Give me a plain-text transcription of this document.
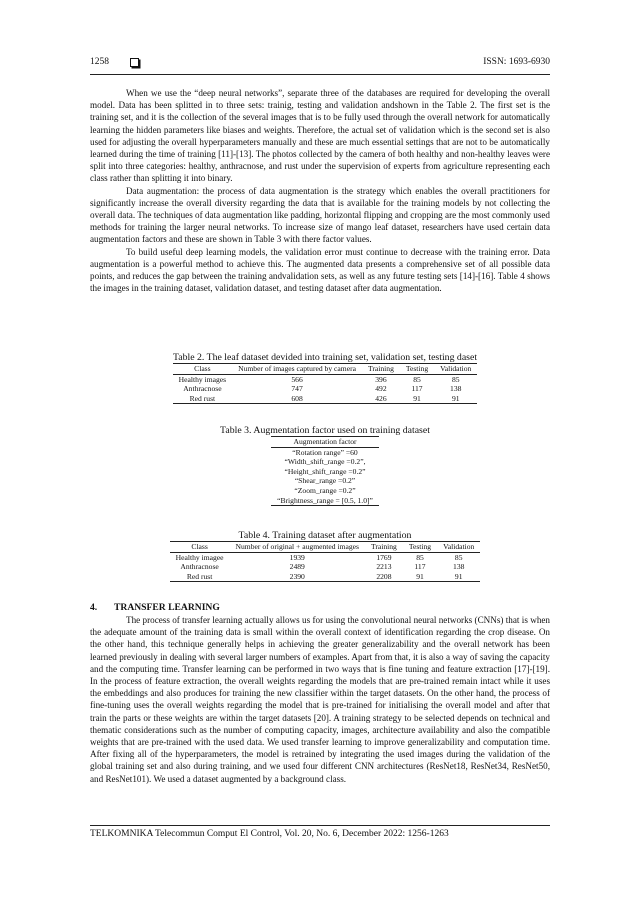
1258	ISSN: 1693-6930

When we use the “deep neural networks”, separate three of the databases are required for developing the overall model. Data has been splitted in to three sets: trainig, testing and validation andshown in the Table 2. The first set is the training set, and it is the collection of the several images that is to be fully used through the overall network for automatically learning the hidden parameters like biases and weights. Therefore, the actual set of validation which is the second set is also used for adjusting the overall hyperparameters manually and these are much essential settings that are not to be automatically learned during the time of training [11]-[13]. The photos collected by the camera of both healthy and non-healthy leaves were split into three categories: healthy, anthracnose, and rust under the supervision of experts from agriculture representing each class rather than splitting it into binary.

Data augmentation: the process of data augmentation is the strategy which enables the overall practitioners for significantly increase the overall diversity regarding the data that is available for the training models by not collecting the overall data. The techniques of data augmentation like padding, horizontal flipping and cropping are the most commonly used methods for training the larger neural networks. To increase size of mango leaf dataset, researchers have used certain data augmentation factors and these are shown in Table 3 with there factor values.

To build useful deep learning models, the validation error must continue to decrease with the training error. Data augmentation is a powerful method to achieve this. The augmented data presents a comprehensive set of all possible data points, and reduces the gap between the training andvalidation sets, as well as any future testing sets [14]-[16]. Table 4 shows the images in the training dataset, validation dataset, and testing dataset after data augmentation.

Table 2. The leaf dataset devided into training set, validation set, testing daset
Class	Number of images captured by camera	Training	Testing	Validation
Healthy images	566	396	85	85
Anthracnose	747	492	117	138
Red rust	608	426	91	91
Table 3. Augmentation factor used on training dataset
Augmentation factor
“Rotation range” =60
“Width_shift_range =0.2”,
“Height_shift_range =0.2”
“Shear_range =0.2”
“Zoom_range =0.2”
“Brightness_range = [0.5, 1.0]”
Table 4. Training dataset after augmentation
Class	Number of original + augmented images	Training	Testing	Validation
Healthy imagee	1939	1769	85	85
Anthracnose	2489	2213	117	138
Red rust	2390	2208	91	91
4. TRANSFER LEARNING

The process of transfer learning actually allows us for using the convolutional neural networks (CNNs) that is when the adequate amount of the training data is small within the overall context of identification regarding the crop disease. On the other hand, this technique generally helps in achieving the greater generalizability and the overall network has been learned previously in dealing with several larger numbers of examples. Apart from that, it is also a way of saving the capacity and the computing time. Transfer learning can be performed in two ways that is fine tuning and feature extraction [17]-[19]. In the process of feature extraction, the overall weights regarding the models that are pre-trained remain intact while it uses the embeddings and also produces for training the new classifier within the target datasets. On the other hand, the process of fine-tuning uses the overall weights regarding the model that is pre-trained for initialising the overall model and after that train the parts or these weights are within the target datasets [20]. A training strategy to be selected depends on technical and thematic considerations such as the number of computing capacity, images, architecture availability and also the compatible weights that are pre-trained with the used data. We used transfer learning to improve generalizability and computation time. After fixing all of the hyperparameters, the model is retrained by integrating the used images during the validation of the global training set and also during training, and we used four different CNN architectures (ResNet18, ResNet34, ResNet50, and ResNet101). We used a dataset augmented by a background class.

TELKOMNIKA Telecommun Comput El Control, Vol. 20, No. 6, December 2022: 1256-1263
